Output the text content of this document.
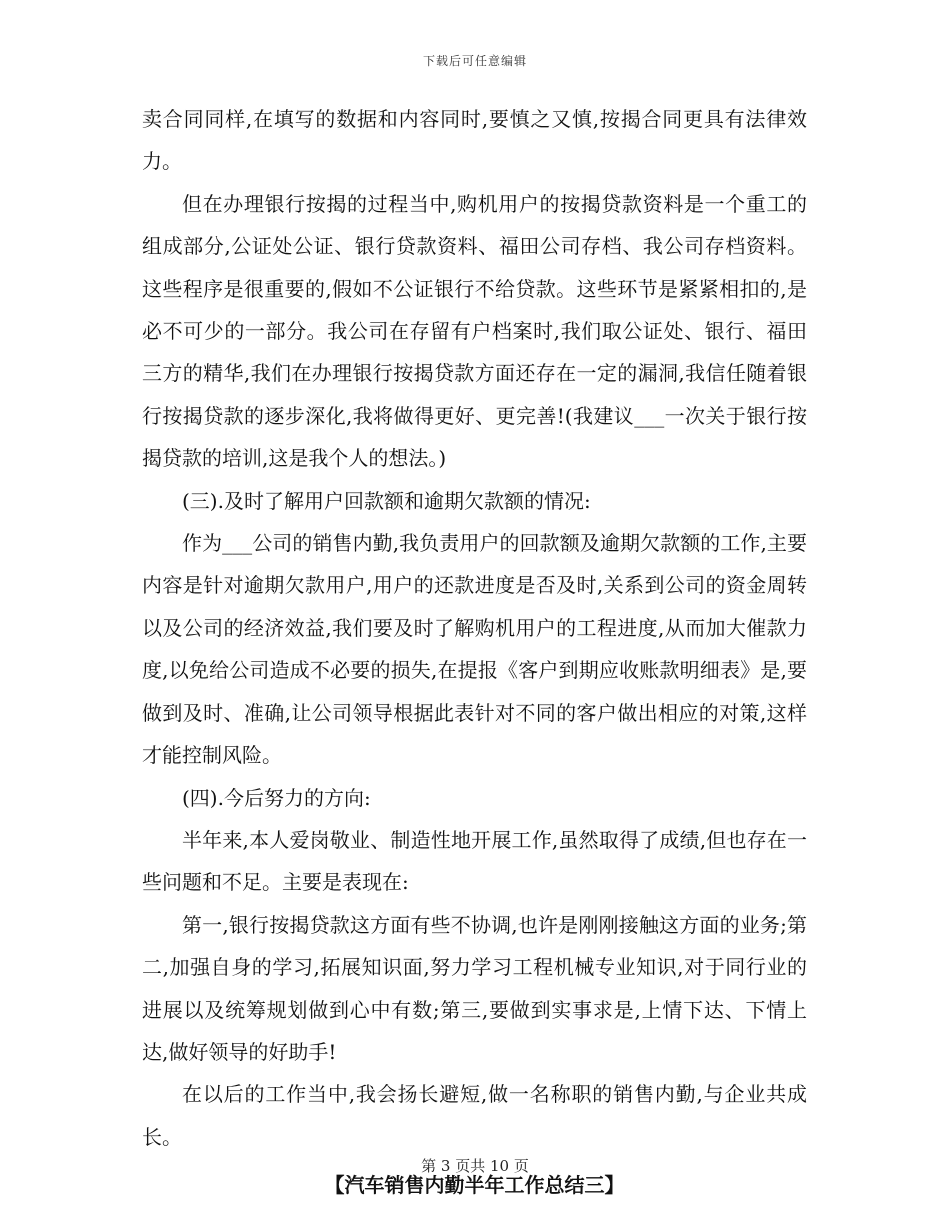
下载后可任意编辑

卖合同同样,在填写的数据和内容同时,要慎之又慎,按揭合同更具有法律效力。

但在办理银行按揭的过程当中,购机用户的按揭贷款资料是一个重工的组成部分,公证处公证、银行贷款资料、福田公司存档、我公司存档资料。这些程序是很重要的,假如不公证银行不给贷款。这些环节是紧紧相扣的,是必不可少的一部分。我公司在存留有户档案时,我们取公证处、银行、福田三方的精华,我们在办理银行按揭贷款方面还存在一定的漏洞,我信任随着银行按揭贷款的逐步深化,我将做得更好、更完善!(我建议___一次关于银行按揭贷款的培训,这是我个人的想法。)

(三).及时了解用户回款额和逾期欠款额的情况:

作为___公司的销售内勤,我负责用户的回款额及逾期欠款额的工作,主要内容是针对逾期欠款用户,用户的还款进度是否及时,关系到公司的资金周转以及公司的经济效益,我们要及时了解购机用户的工程进度,从而加大催款力度,以免给公司造成不必要的损失,在提报《客户到期应收账款明细表》是,要做到及时、准确,让公司领导根据此表针对不同的客户做出相应的对策,这样才能控制风险。

(四).今后努力的方向:

半年来,本人爱岗敬业、制造性地开展工作,虽然取得了成绩,但也存在一些问题和不足。主要是表现在:

第一,银行按揭贷款这方面有些不协调,也许是刚刚接触这方面的业务;第二,加强自身的学习,拓展知识面,努力学习工程机械专业知识,对于同行业的进展以及统筹规划做到心中有数;第三,要做到实事求是,上情下达、下情上达,做好领导的好助手!

在以后的工作当中,我会扬长避短,做一名称职的销售内勤,与企业共成长。

【汽车销售内勤半年工作总结三】

第 3 页共 10 页
